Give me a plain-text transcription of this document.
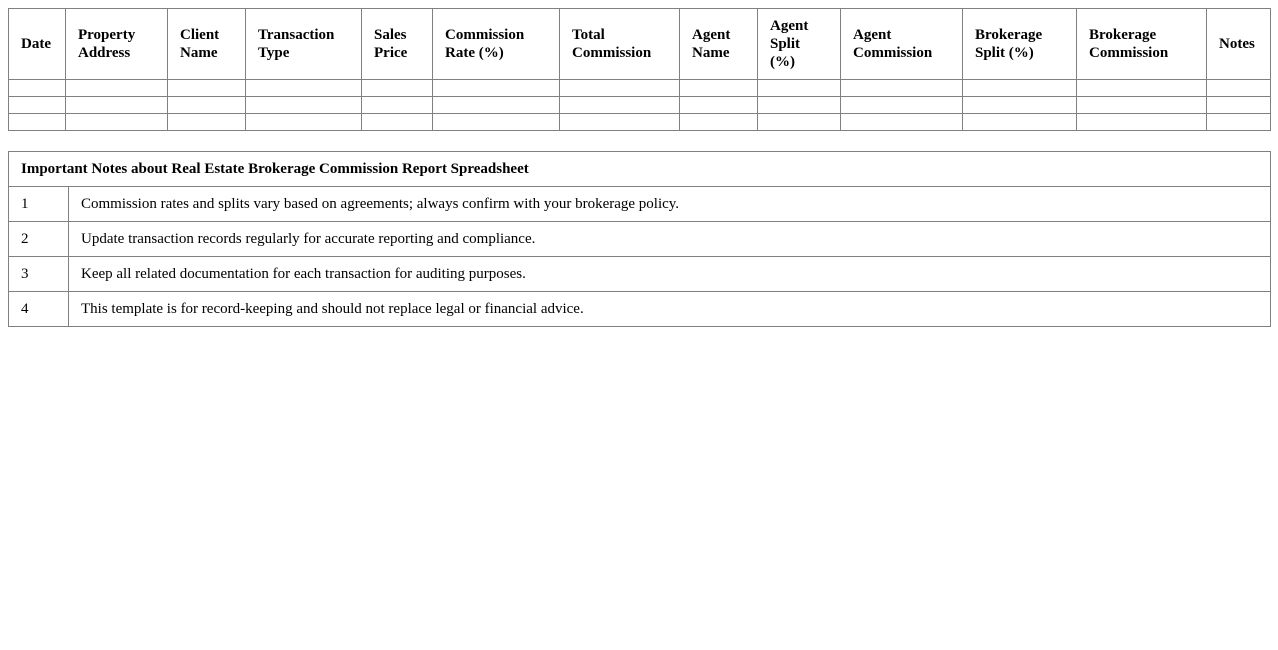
Date	Property Address	Client Name	Transaction Type	Sales Price	Commission Rate (%)	Total Commission	Agent Name	Agent Split (%)	Agent Commission	Brokerage Split (%)	Brokerage Commission	Notes

Important Notes about Real Estate Brokerage Commission Report Spreadsheet	
1	Commission rates and splits vary based on agreements; always confirm with your brokerage policy.
2	Update transaction records regularly for accurate reporting and compliance.
3	Keep all related documentation for each transaction for auditing purposes.
4	This template is for record-keeping and should not replace legal or financial advice.
